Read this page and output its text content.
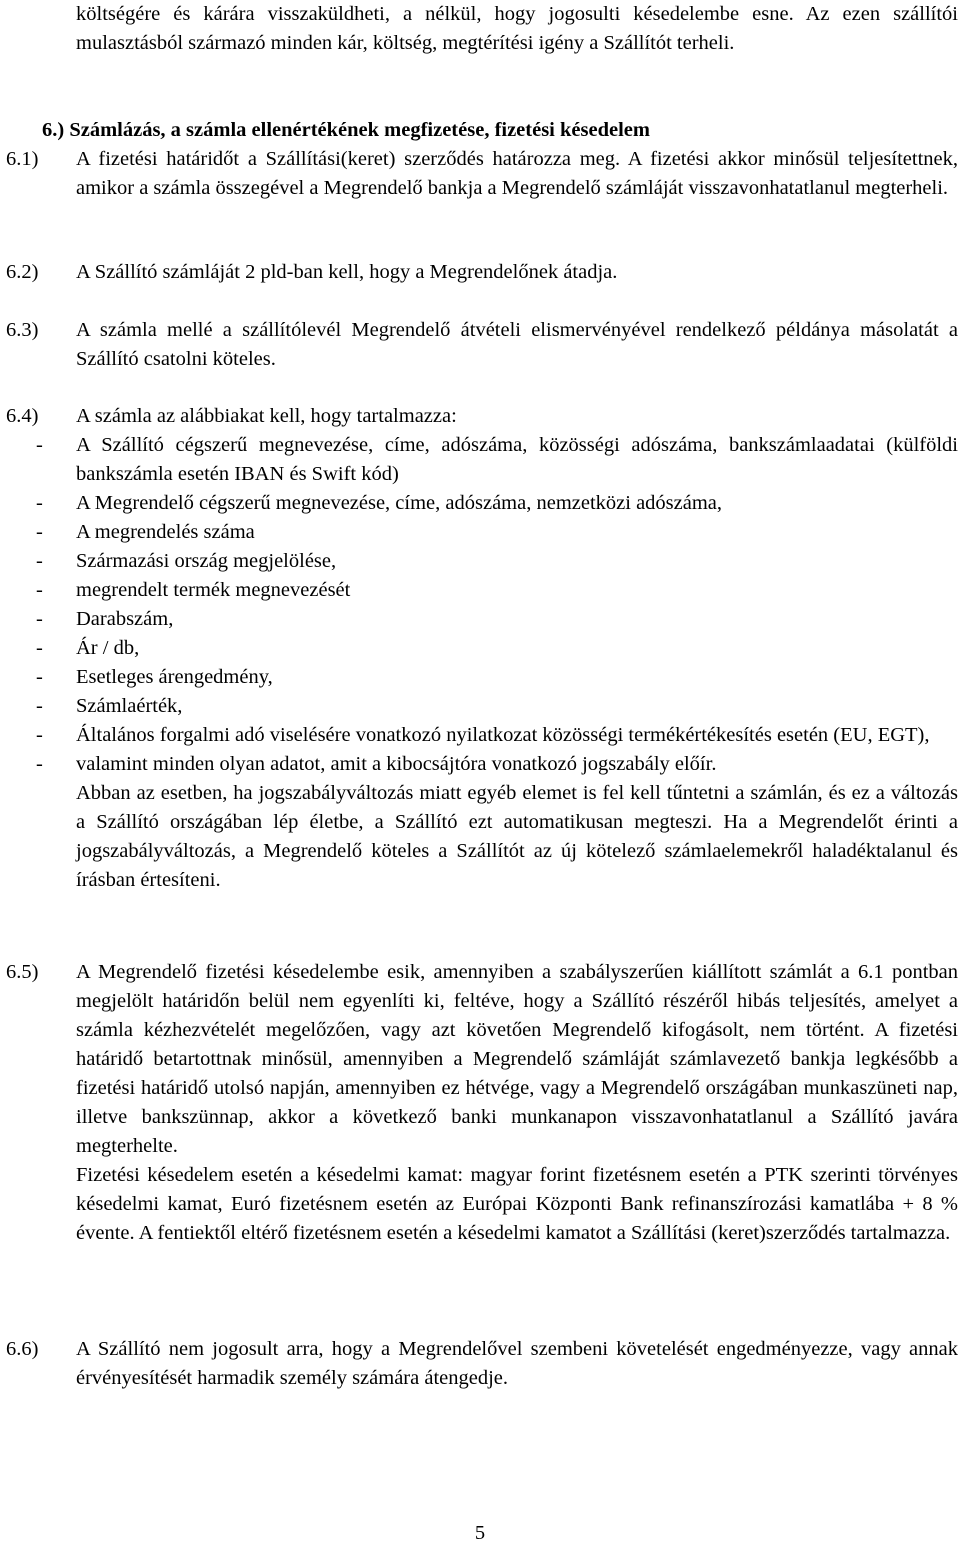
költségére és kárára visszaküldheti, a nélkül, hogy jogosulti késedelembe esne. Az ezen szállítói mulasztásból származó minden kár, költség, megtérítési igény a Szállítót terheli.
6.) Számlázás, a számla ellenértékének megfizetése, fizetési késedelem
6.1) A fizetési határidőt a Szállítási(keret) szerződés határozza meg. A fizetési akkor minősül teljesítettnek, amikor a számla összegével a Megrendelő bankja a Megrendelő számláját visszavonhatatlanul megterheli.
6.2) A Szállító számláját 2 pld-ban kell, hogy a Megrendelőnek átadja.
6.3) A számla mellé a szállítólevél Megrendelő átvételi elismervényével rendelkező példánya másolatát a Szállító csatolni köteles.
6.4) A számla az alábbiakat kell, hogy tartalmazza:
- A Szállító cégszerű megnevezése, címe, adószáma, közösségi adószáma, bankszámlaadatai (külföldi bankszámla esetén IBAN és Swift kód)
- A Megrendelő cégszerű megnevezése, címe, adószáma, nemzetközi adószáma,
- A megrendelés száma
- Származási ország megjelölése,
- megrendelt termék megnevezését
- Darabszám,
- Ár / db,
- Esetleges árengedmény,
- Számlaérték,
- Általános forgalmi adó viselésére vonatkozó nyilatkozat közösségi termékértékesítés esetén (EU, EGT),
- valamint minden olyan adatot, amit a kibocsájtóra vonatkozó jogszabály előír.
Abban az esetben, ha jogszabályváltozás miatt egyéb elemet is fel kell tűntetni a számlán, és ez a változás a Szállító országában lép életbe, a Szállító ezt automatikusan megteszi. Ha a Megrendelőt érinti a jogszabályváltozás, a Megrendelő köteles a Szállítót az új kötelező számlaelemekről haladéktalanul és írásban értesíteni.
6.5) A Megrendelő fizetési késedelembe esik, amennyiben a szabályszerűen kiállított számlát a 6.1 pontban megjelölt határidőn belül nem egyenlíti ki, feltéve, hogy a Szállító részéről hibás teljesítés, amelyet a számla kézhezvételét megelőzően, vagy azt követően Megrendelő kifogásolt, nem történt. A fizetési határidő betartottnak minősül, amennyiben a Megrendelő számláját számlavezető bankja legkésőbb a fizetési határidő utolsó napján, amennyiben ez hétvége, vagy a Megrendelő országában munkaszüneti nap, illetve bankszünnap, akkor a következő banki munkanapon visszavonhatatlanul a Szállító javára megterhelte.
Fizetési késedelem esetén a késedelmi kamat: magyar forint fizetésnem esetén a PTK szerinti törvényes késedelmi kamat, Euró fizetésnem esetén az Európai Központi Bank refinanszírozási kamatlába + 8 % évente. A fentiektől eltérő fizetésnem esetén a késedelmi kamatot a Szállítási (keret)szerződés tartalmazza.
6.6) A Szállító nem jogosult arra, hogy a Megrendelővel szembeni követelését engedményezze, vagy annak érvényesítését harmadik személy számára átengedje.
5
